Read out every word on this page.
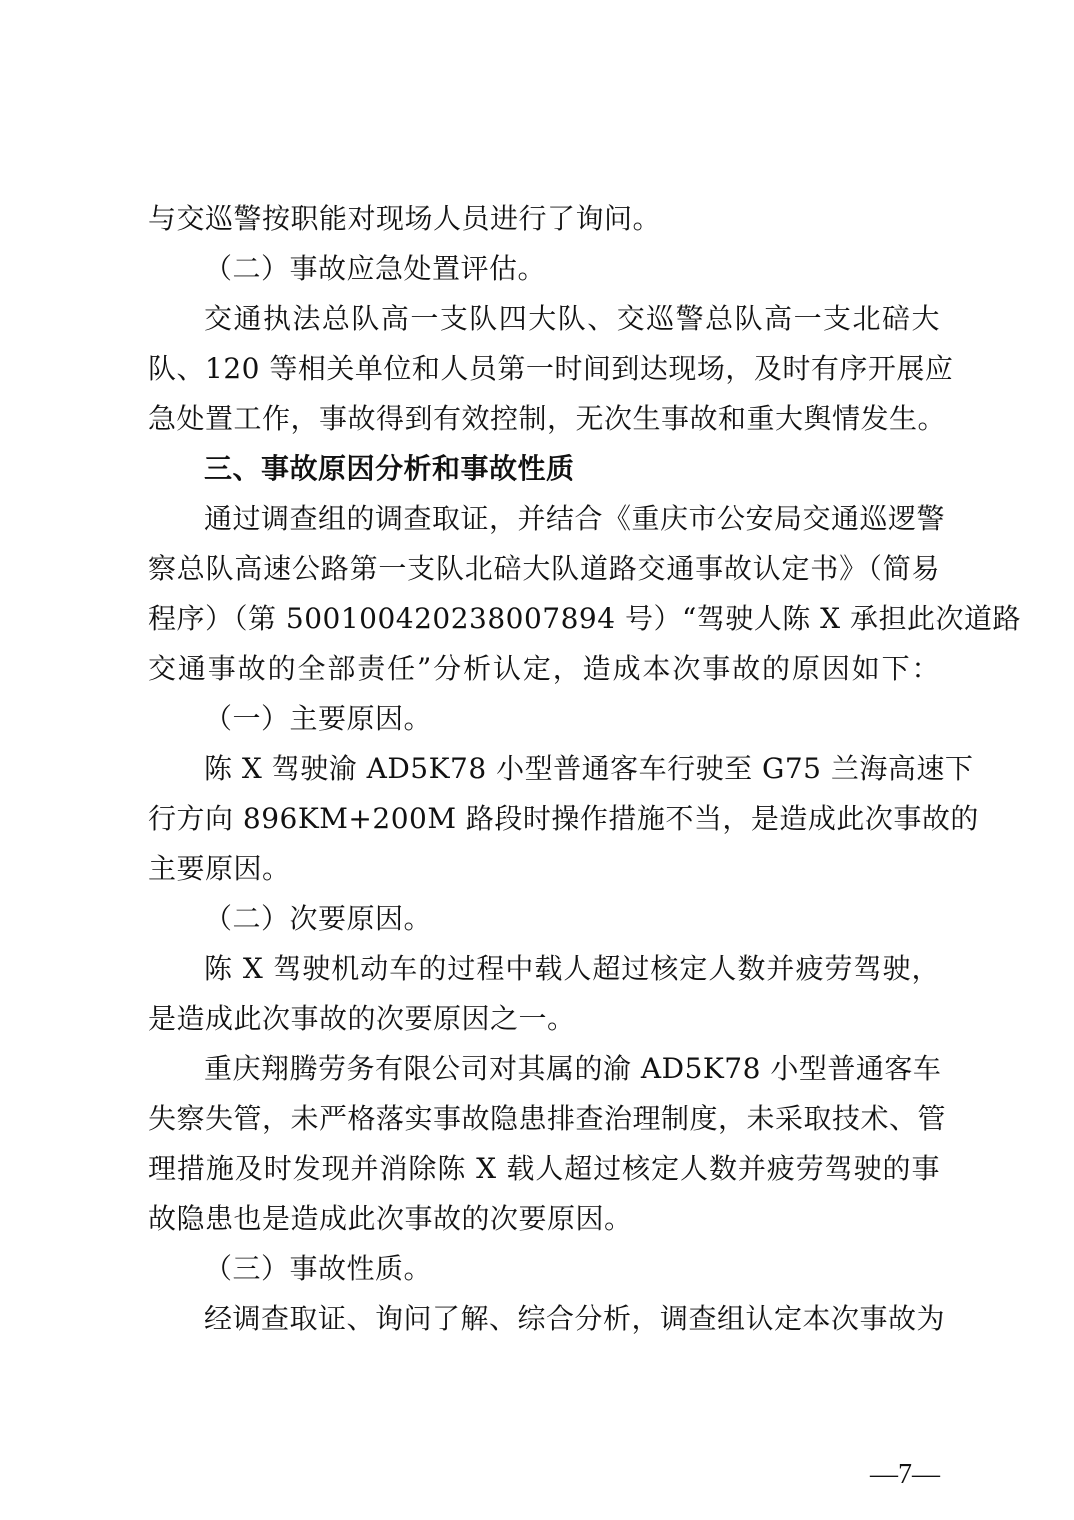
与交巡警按职能对现场人员进行了询问。
（二）事故应急处置评估。
交通执法总队高一支队四大队、交巡警总队高一支北碚大
队、120 等相关单位和人员第一时间到达现场，及时有序开展应
急处置工作，事故得到有效控制，无次生事故和重大舆情发生。
三、事故原因分析和事故性质
通过调查组的调查取证，并结合《重庆市公安局交通巡逻警
察总队高速公路第一支队北碚大队道路交通事故认定书》（简易
程序）（第 5001004202380078​94 号）“驾驶人陈 X 承担此次道路
交通事故的全部责任”分析认定，造成本次事故的原因如下：
（一）主要原因。
陈 X 驾驶渝 AD5K78 小型普通客车行驶至 G75 兰海高速下
行方向 896KM+200M 路段时操作措施不当，是造成此次事故的
主要原因。
（二）次要原因。
陈 X 驾驶机动车的过程中载人超过核定人数并疲劳驾驶，
是造成此次事故的次要原因之一。
重庆翔腾劳务有限公司对其属的渝 AD5K78 小型普通客车
失察失管，未严格落实事故隐患排查治理制度，未采取技术、管
理措施及时发现并消除陈 X 载人超过核定人数并疲劳驾驶的事
故隐患也是造成此次事故的次要原因。
（三）事故性质。
经调查取证、询问了解、综合分析，调查组认定本次事故为
—7—
